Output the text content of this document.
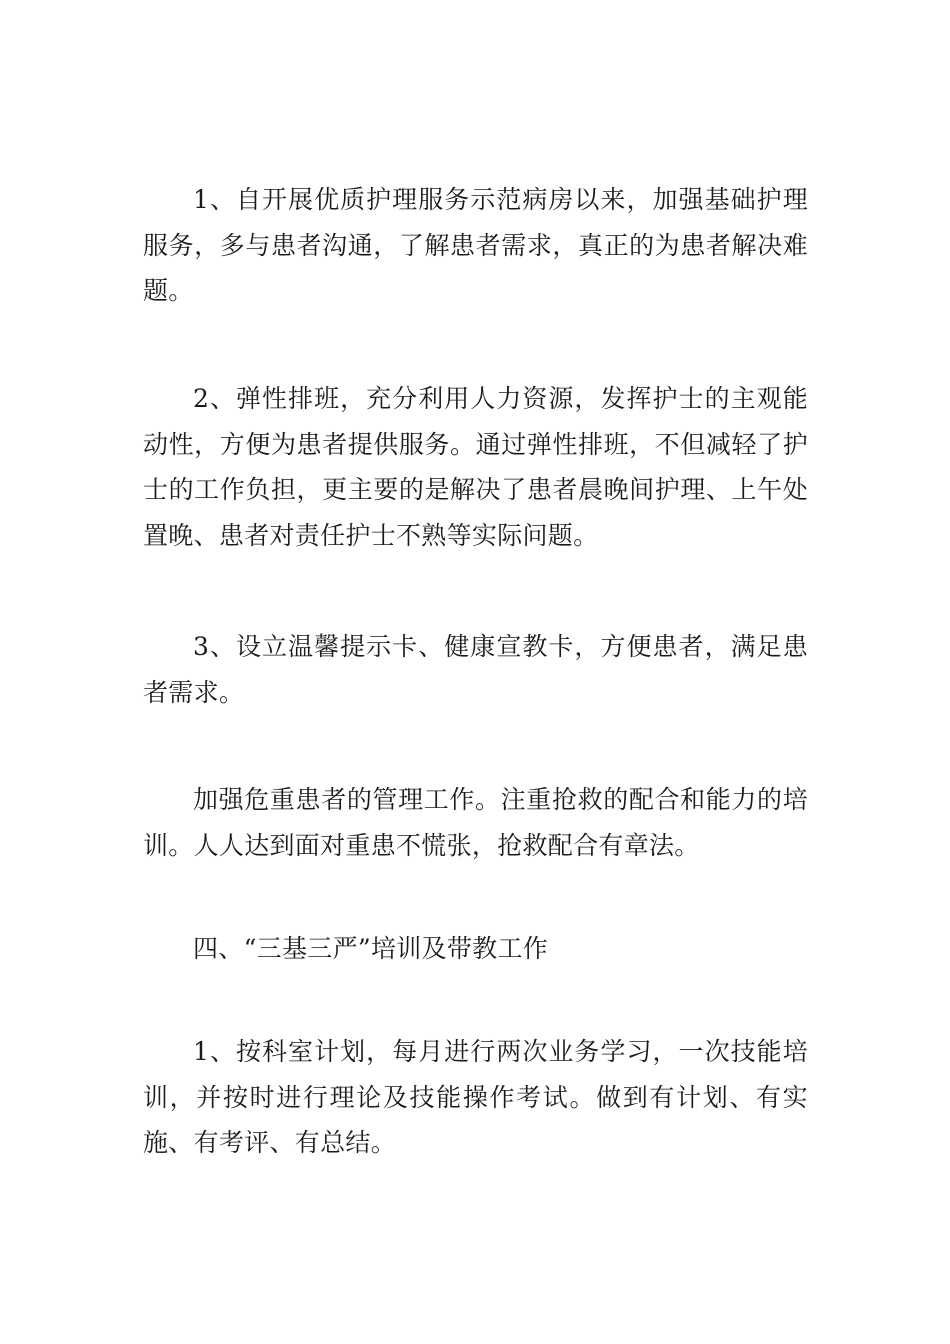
1、自开展优质护理服务示范病房以来，加强基础护理服务，多与患者沟通，了解患者需求，真正的为患者解决难题。

2、弹性排班，充分利用人力资源，发挥护士的主观能动性，方便为患者提供服务。通过弹性排班，不但减轻了护士的工作负担，更主要的是解决了患者晨晚间护理、上午处置晚、患者对责任护士不熟等实际问题。

3、设立温馨提示卡、健康宣教卡，方便患者，满足患者需求。

加强危重患者的管理工作。注重抢救的配合和能力的培训。人人达到面对重患不慌张，抢救配合有章法。

四、“三基三严”培训及带教工作

1、按科室计划，每月进行两次业务学习，一次技能培训，并按时进行理论及技能操作考试。做到有计划、有实施、有考评、有总结。
